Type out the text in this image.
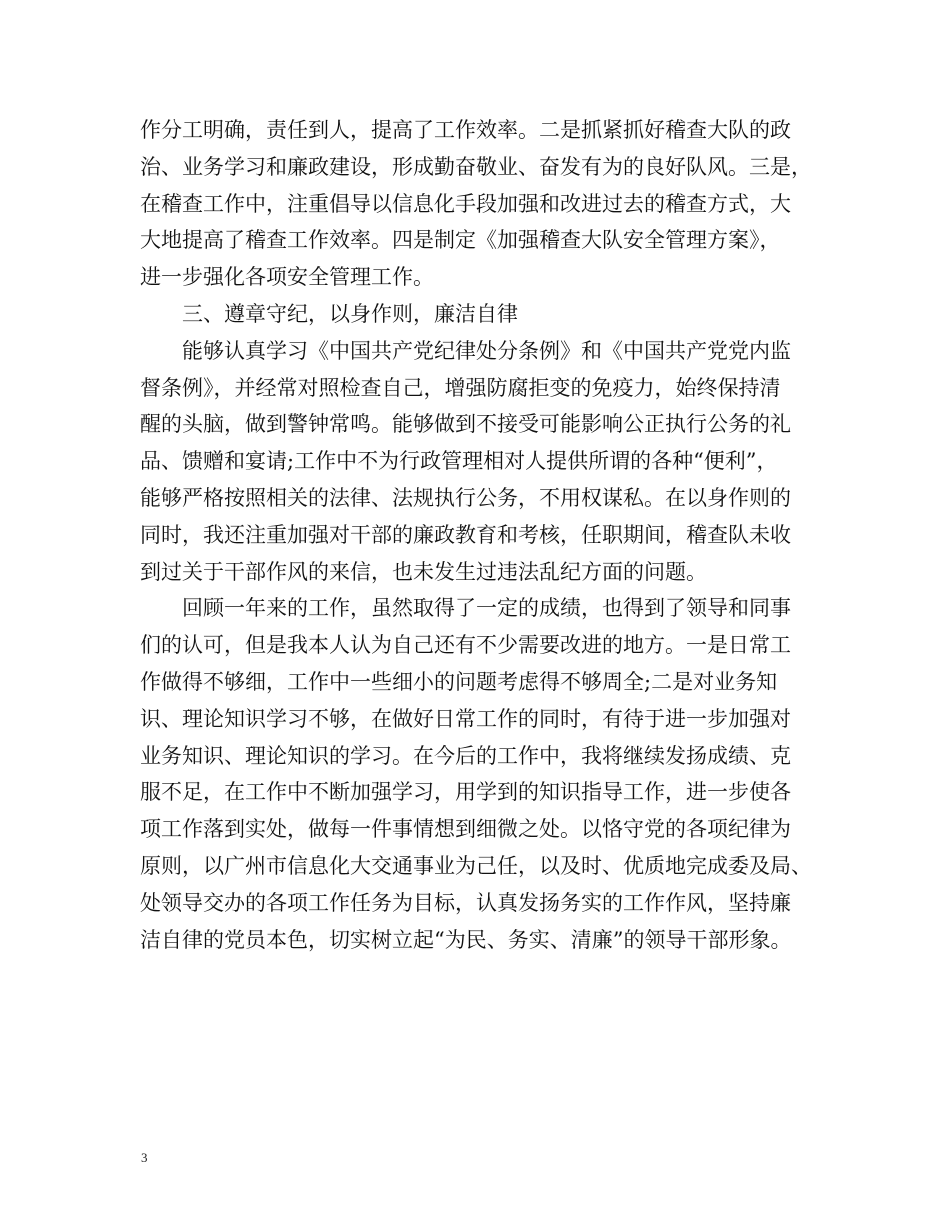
作分工明确，责任到人，提高了工作效率。二是抓紧抓好稽查大队的政
治、业务学习和廉政建设，形成勤奋敬业、奋发有为的良好队风。三是，
在稽查工作中，注重倡导以信息化手段加强和改进过去的稽查方式，大
大地提高了稽查工作效率。四是制定《加强稽查大队安全管理方案》，
进一步强化各项安全管理工作。
三、遵章守纪，以身作则，廉洁自律
能够认真学习《中国共产党纪律处分条例》和《中国共产党党内监
督条例》，并经常对照检查自己，增强防腐拒变的免疫力，始终保持清
醒的头脑，做到警钟常鸣。能够做到不接受可能影响公正执行公务的礼
品、馈赠和宴请;工作中不为行政管理相对人提供所谓的各种“便利”，
能够严格按照相关的法律、法规执行公务，不用权谋私。在以身作则的
同时，我还注重加强对干部的廉政教育和考核，任职期间，稽查队未收
到过关于干部作风的来信，也未发生过违法乱纪方面的问题。
回顾一年来的工作，虽然取得了一定的成绩，也得到了领导和同事
们的认可，但是我本人认为自己还有不少需要改进的地方。一是日常工
作做得不够细，工作中一些细小的问题考虑得不够周全;二是对业务知
识、理论知识学习不够，在做好日常工作的同时，有待于进一步加强对
业务知识、理论知识的学习。在今后的工作中，我将继续发扬成绩、克
服不足，在工作中不断加强学习，用学到的知识指导工作，进一步使各
项工作落到实处，做每一件事情想到细微之处。以恪守党的各项纪律为
原则，以广州市信息化大交通事业为己任，以及时、优质地完成委及局、
处领导交办的各项工作任务为目标，认真发扬务实的工作作风，坚持廉
洁自律的党员本色，切实树立起“为民、务实、清廉”的领导干部形象。
3
